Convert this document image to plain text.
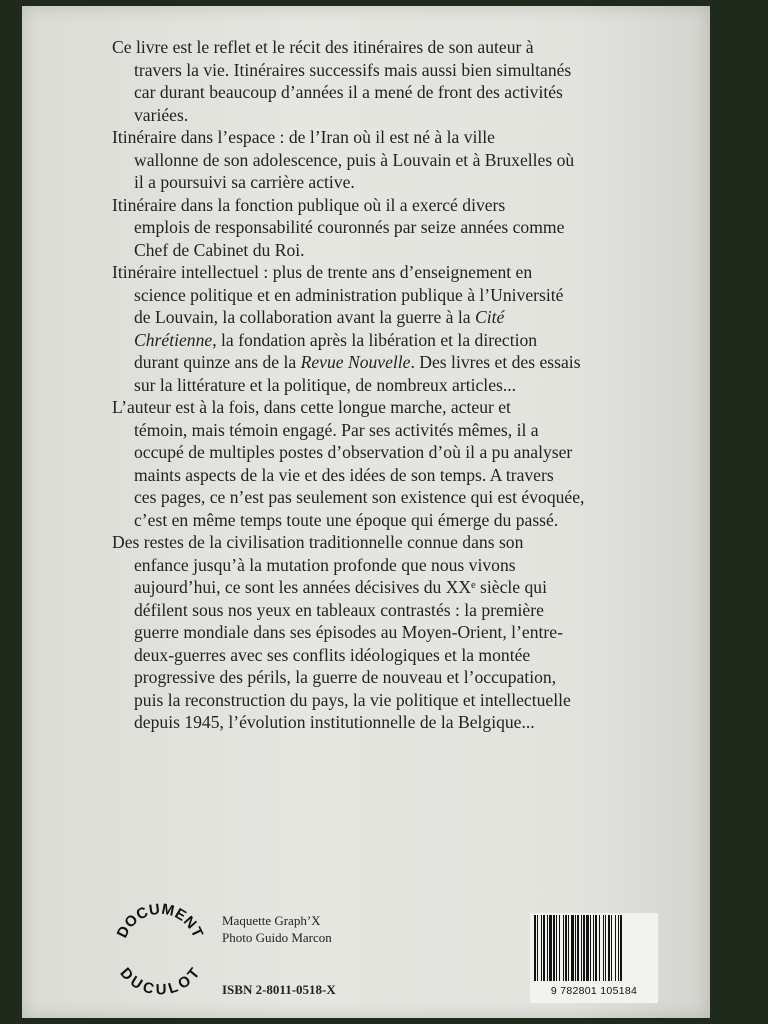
Ce livre est le reflet et le récit des itinéraires de son auteur à
travers la vie. Itinéraires successifs mais aussi bien simultanés
car durant beaucoup d’années il a mené de front des activités
variées.

Itinéraire dans l’espace : de l’Iran où il est né à la ville
wallonne de son adolescence, puis à Louvain et à Bruxelles où
il a poursuivi sa carrière active.

Itinéraire dans la fonction publique où il a exercé divers
emplois de responsabilité couronnés par seize années comme
Chef de Cabinet du Roi.

Itinéraire intellectuel : plus de trente ans d’enseignement en
science politique et en administration publique à l’Université
de Louvain, la collaboration avant la guerre à la Cité
Chrétienne, la fondation après la libération et la direction
durant quinze ans de la Revue Nouvelle. Des livres et des essais
sur la littérature et la politique, de nombreux articles...

L’auteur est à la fois, dans cette longue marche, acteur et
témoin, mais témoin engagé. Par ses activités mêmes, il a
occupé de multiples postes d’observation d’où il a pu analyser
maints aspects de la vie et des idées de son temps. A travers
ces pages, ce n’est pas seulement son existence qui est évoquée,
c’est en même temps toute une époque qui émerge du passé.

Des restes de la civilisation traditionnelle connue dans son
enfance jusqu’à la mutation profonde que nous vivons
aujourd’hui, ce sont les années décisives du XXᵉ siècle qui
défilent sous nos yeux en tableaux contrastés : la première
guerre mondiale dans ses épisodes au Moyen-Orient, l’entre-
deux-guerres avec ses conflits idéologiques et la montée
progressive des périls, la guerre de nouveau et l’occupation,
puis la reconstruction du pays, la vie politique et intellectuelle
depuis 1945, l’évolution institutionnelle de la Belgique...

DOCUMENT
DUCULOT
Maquette Graph’X
Photo Guido Marcon
ISBN 2-8011-0518-X	9 782801 105184
